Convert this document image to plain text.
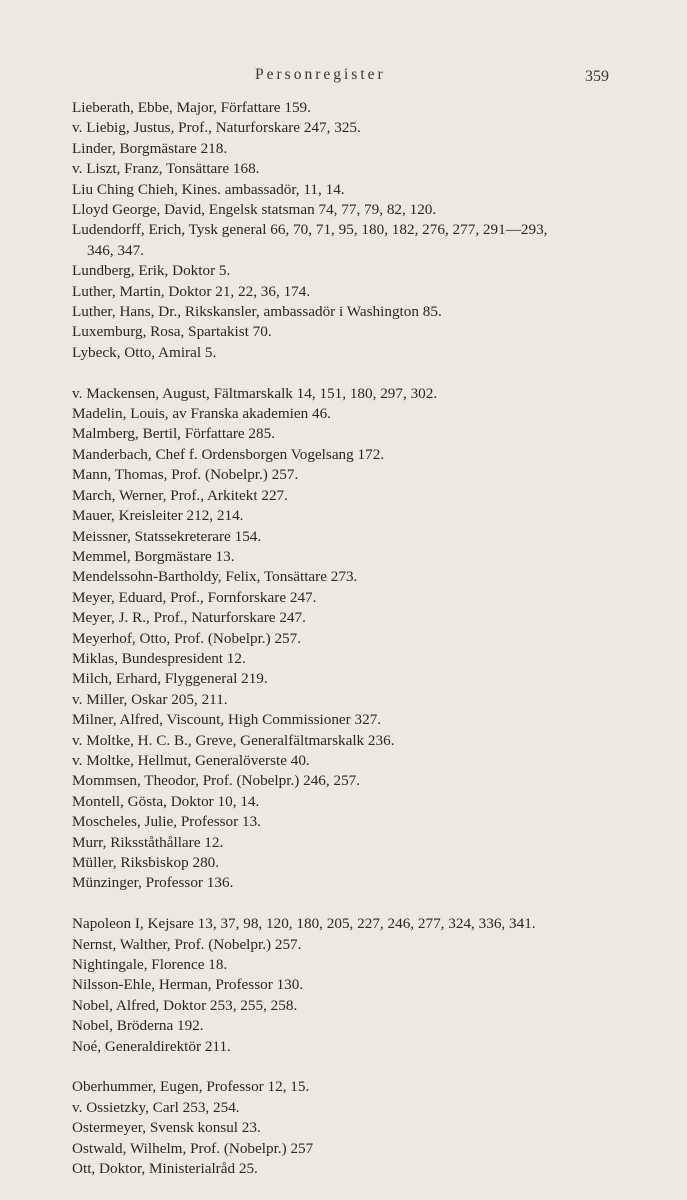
Personregister	359
Lieberath, Ebbe, Major, Författare 159.
v. Liebig, Justus, Prof., Naturforskare 247, 325.
Linder, Borgmästare 218.
v. Liszt, Franz, Tonsättare 168.
Liu Ching Chieh, Kines. ambassadör, 11, 14.
Lloyd George, David, Engelsk statsman 74, 77, 79, 82, 120.
Ludendorff, Erich, Tysk general 66, 70, 71, 95, 180, 182, 276, 277, 291—293,
346, 347.
Lundberg, Erik, Doktor 5.
Luther, Martin, Doktor 21, 22, 36, 174.
Luther, Hans, Dr., Rikskansler, ambassadör i Washington 85.
Luxemburg, Rosa, Spartakist 70.
Lybeck, Otto, Amiral 5.
v. Mackensen, August, Fältmarskalk 14, 151, 180, 297, 302.
Madelin, Louis, av Franska akademien 46.
Malmberg, Bertil, Författare 285.
Manderbach, Chef f. Ordensborgen Vogelsang 172.
Mann, Thomas, Prof. (Nobelpr.) 257.
March, Werner, Prof., Arkitekt 227.
Mauer, Kreisleiter 212, 214.
Meissner, Statssekreterare 154.
Memmel, Borgmästare 13.
Mendelssohn-Bartholdy, Felix, Tonsättare 273.
Meyer, Eduard, Prof., Fornforskare 247.
Meyer, J. R., Prof., Naturforskare 247.
Meyerhof, Otto, Prof. (Nobelpr.) 257.
Miklas, Bundespresident 12.
Milch, Erhard, Flyggeneral 219.
v. Miller, Oskar 205, 211.
Milner, Alfred, Viscount, High Commissioner 327.
v. Moltke, H. C. B., Greve, Generalfältmarskalk 236.
v. Moltke, Hellmut, Generalöverste 40.
Mommsen, Theodor, Prof. (Nobelpr.) 246, 257.
Montell, Gösta, Doktor 10, 14.
Moscheles, Julie, Professor 13.
Murr, Riksståthållare 12.
Müller, Riksbiskop 280.
Münzinger, Professor 136.
Napoleon I, Kejsare 13, 37, 98, 120, 180, 205, 227, 246, 277, 324, 336, 341.
Nernst, Walther, Prof. (Nobelpr.) 257.
Nightingale, Florence 18.
Nilsson-Ehle, Herman, Professor 130.
Nobel, Alfred, Doktor 253, 255, 258.
Nobel, Bröderna 192.
Noé, Generaldirektör 211.
Oberhummer, Eugen, Professor 12, 15.
v. Ossietzky, Carl 253, 254.
Ostermeyer, Svensk konsul 23.
Ostwald, Wilhelm, Prof. (Nobelpr.) 257
Ott, Doktor, Ministerialråd 25.
